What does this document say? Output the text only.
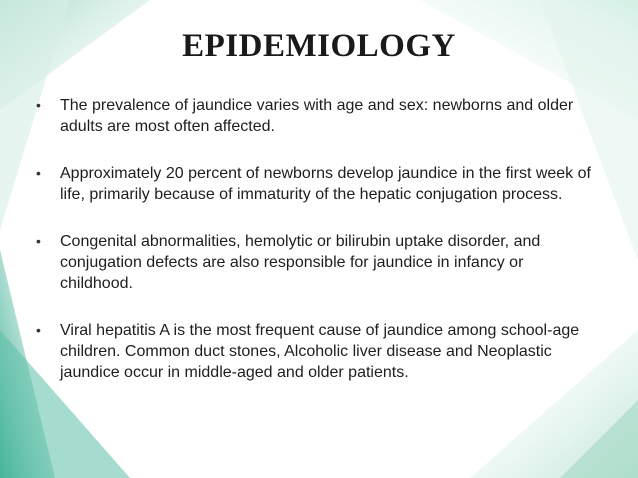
EPIDEMIOLOGY
• The prevalence of jaundice varies with age and sex: newborns and older adults are most often affected.
• Approximately 20 percent of newborns develop jaundice in the first week of life, primarily because of immaturity of the hepatic conjugation process.
• Congenital abnormalities, hemolytic or bilirubin uptake disorder, and conjugation defects are also responsible for jaundice in infancy or childhood.
• Viral hepatitis A is the most frequent cause of jaundice among school-age children. Common duct stones, Alcoholic liver disease and Neoplastic jaundice occur in middle-aged and older patients.
